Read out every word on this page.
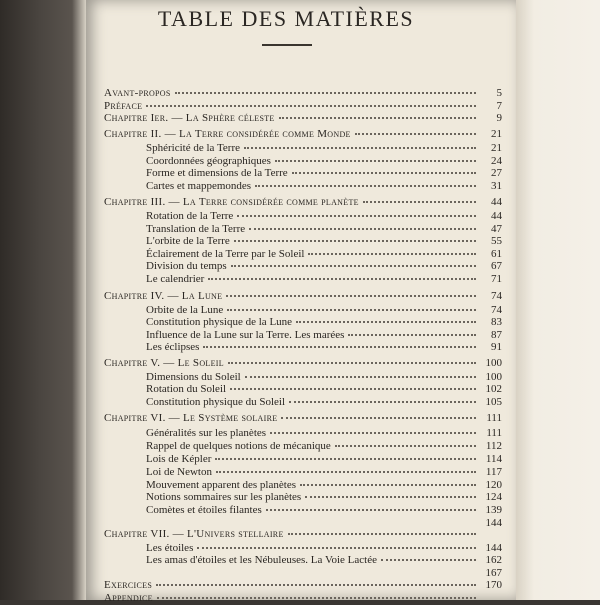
TABLE DES MATIÈRES
Avant-propos	5
Préface	7
Chapitre Ier. — La Sphère céleste	9
Chapitre II. — La Terre considérée comme Monde	21
Sphéricité de la Terre	21
Coordonnées géographiques	24
Forme et dimensions de la Terre	27
Cartes et mappemondes	31
Chapitre III. — La Terre considérée comme planète	44
Rotation de la Terre	44
Translation de la Terre	47
L'orbite de la Terre	55
Éclairement de la Terre par le Soleil	61
Division du temps	67
Le calendrier	71
Chapitre IV. — La Lune	74
Orbite de la Lune	74
Constitution physique de la Lune	83
Influence de la Lune sur la Terre. Les marées	87
Les éclipses	91
Chapitre V. — Le Soleil	100
Dimensions du Soleil	100
Rotation du Soleil	102
Constitution physique du Soleil	105
Chapitre VI. — Le Système solaire	111
Généralités sur les planètes	111
Rappel de quelques notions de mécanique	112
Lois de Képler	114
Loi de Newton	117
Mouvement apparent des planètes	120
Notions sommaires sur les planètes	124
Comètes et étoiles filantes	139
144
Chapitre VII. — L'Univers stellaire
Les étoiles	144
Les amas d'étoiles et les Nébuleuses. La Voie Lactée	162
167
Exercices	170
Appendice
